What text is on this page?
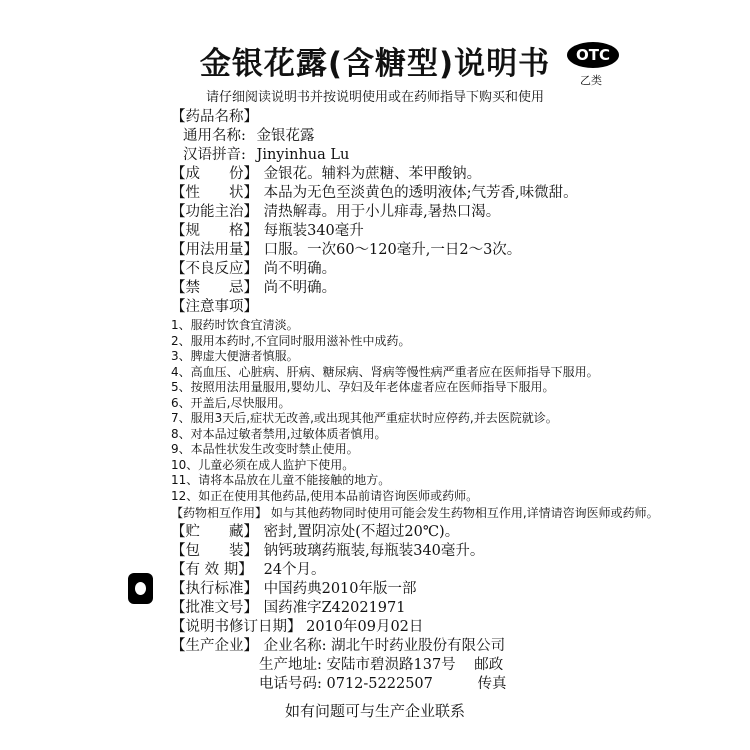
金银花露(含糖型)说明书	OTC
乙类
请仔细阅读说明书并按说明使用或在药师指导下购买和使用
【药品名称】
通用名称: 金银花露
汉语拼音: Jinyinhua Lu
【成　　份】 金银花。辅料为蔗糖、苯甲酸钠。
【性　　状】 本品为无色至淡黄色的透明液体;气芳香,味微甜。
【功能主治】 清热解毒。用于小儿痱毒,暑热口渴。
【规　　格】 每瓶装340毫升
【用法用量】 口服。一次60～120毫升,一日2～3次。
【不良反应】 尚不明确。
【禁　　忌】 尚不明确。
【注意事项】
1、服药时饮食宜清淡。
2、服用本药时,不宜同时服用滋补性中成药。
3、脾虚大便溏者慎服。
4、高血压、心脏病、肝病、糖尿病、肾病等慢性病严重者应在医师指导下服用。
5、按照用法用量服用,婴幼儿、孕妇及年老体虚者应在医师指导下服用。
6、开盖后,尽快服用。
7、服用3天后,症状无改善,或出现其他严重症状时应停药,并去医院就诊。
8、对本品过敏者禁用,过敏体质者慎用。
9、本品性状发生改变时禁止使用。
10、儿童必须在成人监护下使用。
11、请将本品放在儿童不能接触的地方。
12、如正在使用其他药品,使用本品前请咨询医师或药师。
【药物相互作用】 如与其他药物同时使用可能会发生药物相互作用,详情请咨询医师或药师。
【贮　　藏】 密封,置阴凉处(不超过20℃)。
【包　　装】 钠钙玻璃药瓶装,每瓶装340毫升。
【有 效 期】 24个月。
【执行标准】 中国药典2010年版一部
【批准文号】 国药准字Z42021971
如有问题可与生产企业联系
【说明书修订日期】 2010年09月02日
【生产企业】 企业名称: 湖北午时药业股份有限公司
生产地址: 安陆市碧涢路137号 邮政
电话号码: 0712-5222507	传真
